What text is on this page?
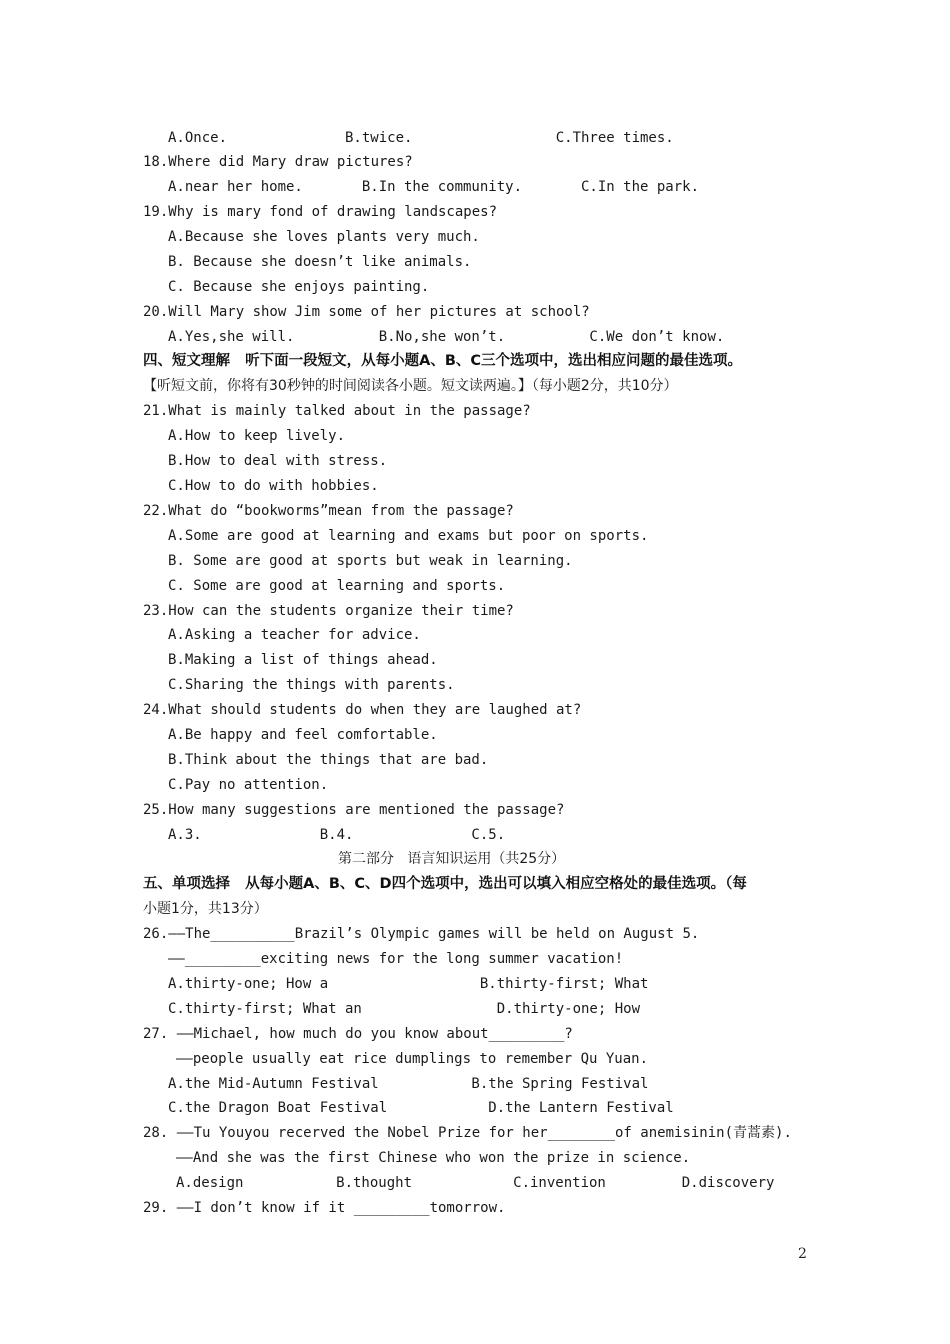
A.Once.              B.twice.                 C.Three times.
18.Where did Mary draw pictures?
A.near her home.       B.In the community.       C.In the park.
19.Why is mary fond of drawing landscapes?
A.Because she loves plants very much.
B. Because she doesn’t like animals.
C. Because she enjoys painting.
20.Will Mary show Jim some of her pictures at school?
A.Yes,she will.          B.No,she won’t.          C.We don’t know.
四、短文理解   听下面一段短文，从每小题A、B、C三个选项中，选出相应问题的最佳选项。
【听短文前，你将有30秒钟的时间阅读各小题。短文读两遍。】（每小题2分，共10分）
21.What is mainly talked about in the passage?
A.How to keep lively.
B.How to deal with stress.
C.How to do with hobbies.
22.What do “bookworms”mean from the passage?
A.Some are good at learning and exams but poor on sports.
B. Some are good at sports but weak in learning.
C. Some are good at learning and sports.
23.How can the students organize their time?
A.Asking a teacher for advice.
B.Making a list of things ahead.
C.Sharing the things with parents.
24.What should students do when they are laughed at?
A.Be happy and feel comfortable.
B.Think about the things that are bad.
C.Pay no attention.
25.How many suggestions are mentioned the passage?
A.3.              B.4.              C.5.
第二部分   语言知识运用（共25分）
五、单项选择   从每小题A、B、C、D四个选项中，选出可以填入相应空格处的最佳选项。（每
小题1分，共13分）
26.——The__________Brazil’s Olympic games will be held on August 5.
——_________exciting news for the long summer vacation!
A.thirty-one; How a                  B.thirty-first; What
C.thirty-first; What an                D.thirty-one; How
27. ——Michael, how much do you know about_________?
——people usually eat rice dumplings to remember Qu Yuan.
A.the Mid-Autumn Festival           B.the Spring Festival
C.the Dragon Boat Festival            D.the Lantern Festival
28. ——Tu Youyou recerved the Nobel Prize for her________of anemisinin(青蒿素).
——And she was the first Chinese who won the prize in science.
A.design           B.thought            C.invention         D.discovery
29. ——I don’t know if it _________tomorrow.
2
